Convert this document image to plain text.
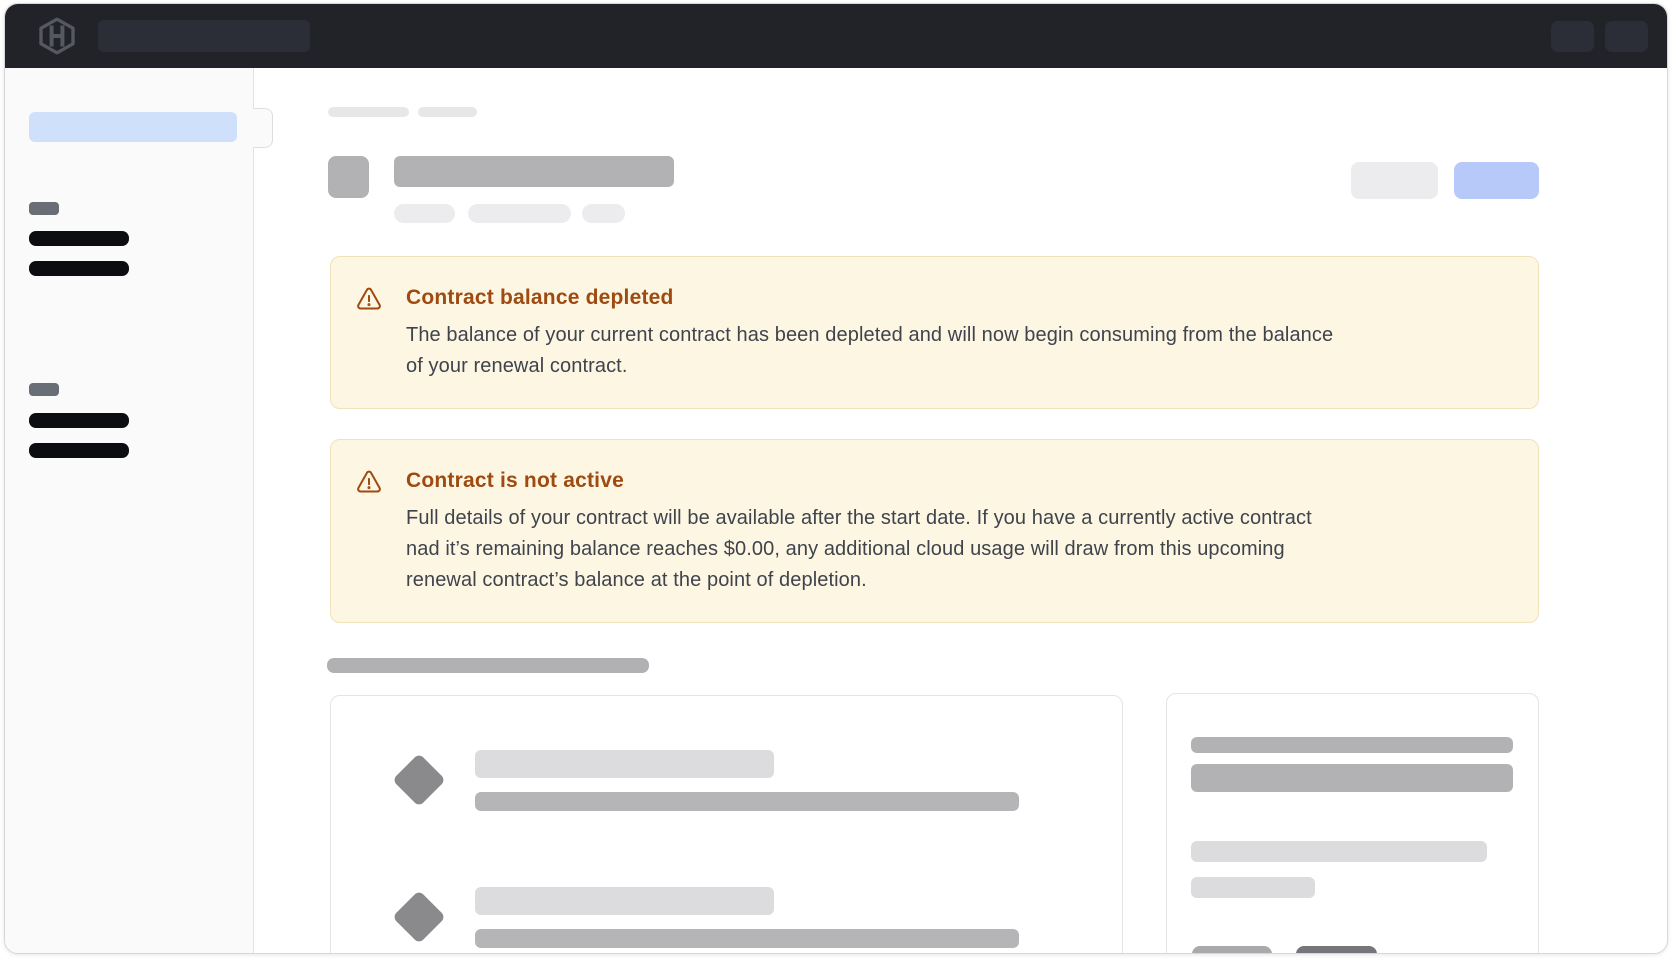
Contract balance depleted
The balance of your current contract has been depleted and will now begin consuming from the balance
of your renewal contract.
Contract is not active
Full details of your contract will be available after the start date. If you have a currently active contract
nad it’s remaining balance reaches $0.00, any additional cloud usage will draw from this upcoming
renewal contract’s balance at the point of depletion.
